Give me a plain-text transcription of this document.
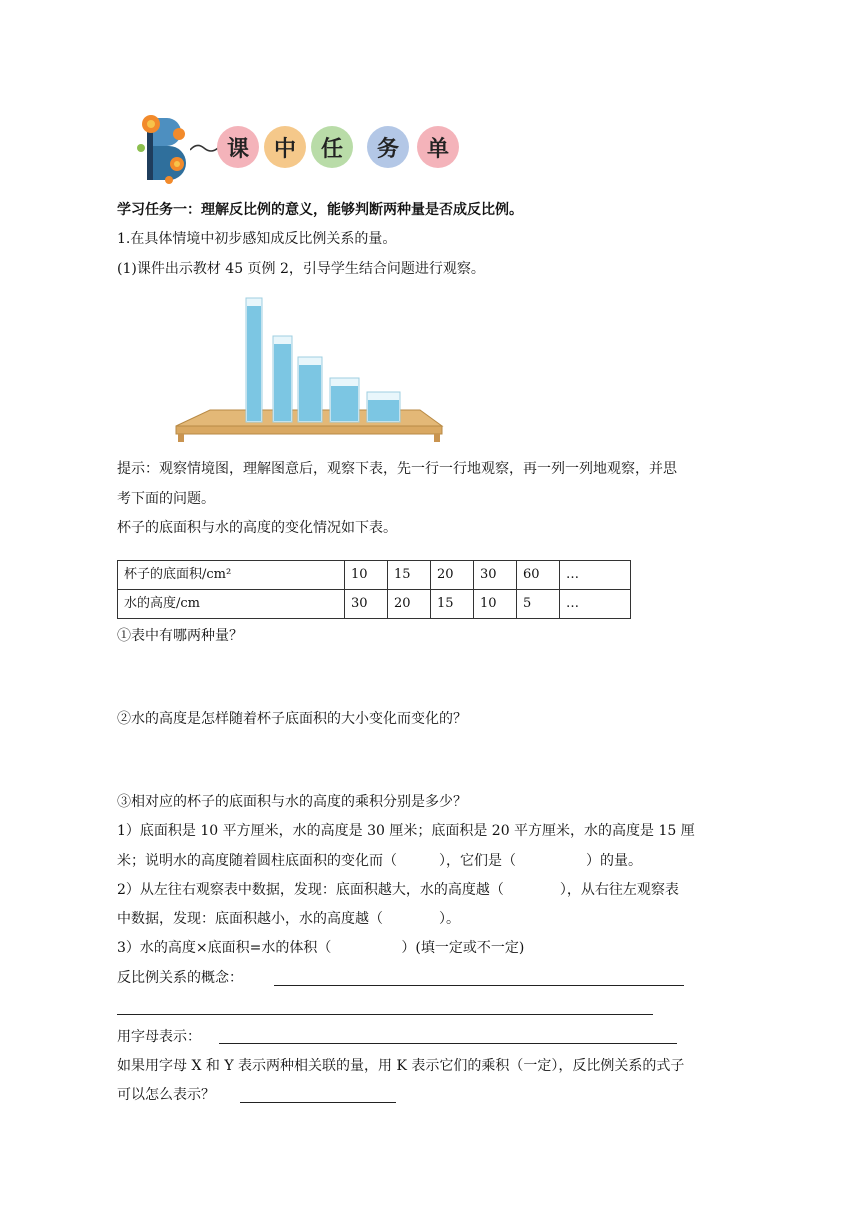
课	中	任	务	单
学习任务一：理解反比例的意义，能够判断两种量是否成反比例。
1.在具体情境中初步感知成反比例关系的量。
(1)课件出示教材 45 页例 2，引导学生结合问题进行观察。
提示：观察情境图，理解图意后，观察下表，先一行一行地观察，再一列一列地观察，并思
考下面的问题。
杯子的底面积与水的高度的变化情况如下表。
杯子的底面积/cm²	10	15	20	30	60	…
水的高度/cm	30	20	15	10	5	…
①表中有哪两种量？
②水的高度是怎样随着杯子底面积的大小变化而变化的？
③相对应的杯子的底面积与水的高度的乘积分别是多少？
1）底面积是 10 平方厘米，水的高度是 30 厘米；底面积是 20 平方厘米，水的高度是 15 厘
米；说明水的高度随着圆柱底面积的变化而（　　　），它们是（　　　　　）的量。
2）从左往右观察表中数据，发现：底面积越大，水的高度越（　　　　），从右往左观察表
中数据，发现：底面积越小，水的高度越（　　　　）。
3）水的高度×底面积=水的体积（　　　　　）(填一定或不一定)
反比例关系的概念：
用字母表示：
如果用字母 X 和 Y 表示两种相关联的量，用 K 表示它们的乘积（一定），反比例关系的式子
可以怎么表示？
